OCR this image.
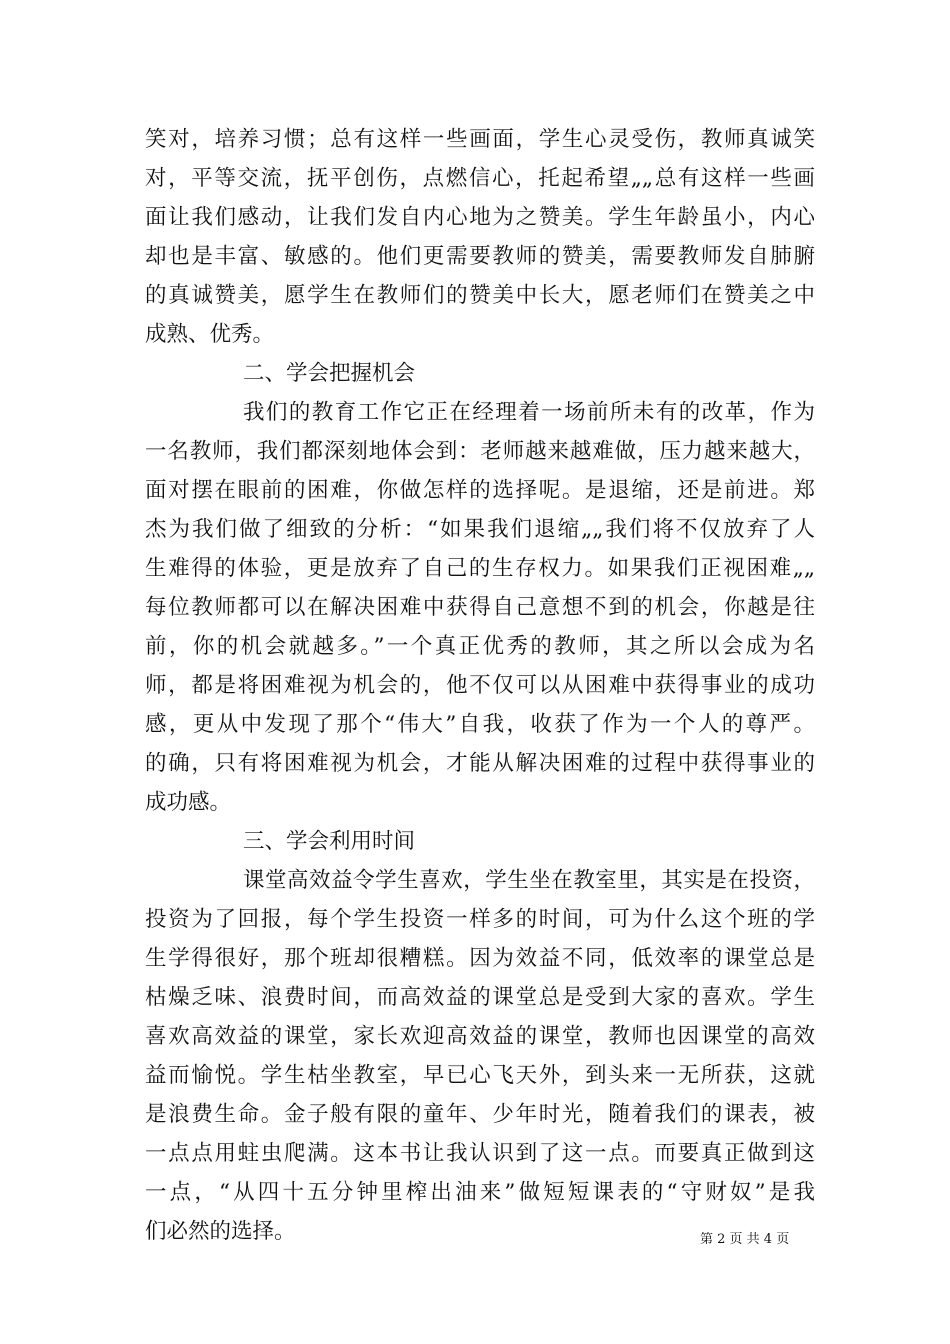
笑对，培养习惯；总有这样一些画面，学生心灵受伤，教师真诚笑
对，平等交流，抚平创伤，点燃信心，托起希望„„总有这样一些画
面让我们感动，让我们发自内心地为之赞美。学生年龄虽小，内心
却也是丰富、敏感的。他们更需要教师的赞美，需要教师发自肺腑
的真诚赞美，愿学生在教师们的赞美中长大，愿老师们在赞美之中
成熟、优秀。
二、学会把握机会
我们的教育工作它正在经理着一场前所未有的改革，作为
一名教师，我们都深刻地体会到：老师越来越难做，压力越来越大，
面对摆在眼前的困难，你做怎样的选择呢。是退缩，还是前进。郑
杰为我们做了细致的分析：“如果我们退缩„„我们将不仅放弃了人
生难得的体验，更是放弃了自己的生存权力。如果我们正视困难„„
每位教师都可以在解决困难中获得自己意想不到的机会，你越是往
前，你的机会就越多。”一个真正优秀的教师，其之所以会成为名
师，都是将困难视为机会的，他不仅可以从困难中获得事业的成功
感，更从中发现了那个“伟大”自我，收获了作为一个人的尊严。
的确，只有将困难视为机会，才能从解决困难的过程中获得事业的
成功感。
三、学会利用时间
课堂高效益令学生喜欢，学生坐在教室里，其实是在投资，
投资为了回报，每个学生投资一样多的时间，可为什么这个班的学
生学得很好，那个班却很糟糕。因为效益不同，低效率的课堂总是
枯燥乏味、浪费时间，而高效益的课堂总是受到大家的喜欢。学生
喜欢高效益的课堂，家长欢迎高效益的课堂，教师也因课堂的高效
益而愉悦。学生枯坐教室，早已心飞天外，到头来一无所获，这就
是浪费生命。金子般有限的童年、少年时光，随着我们的课表，被
一点点用蛀虫爬满。这本书让我认识到了这一点。而要真正做到这
一点，“从四十五分钟里榨出油来”做短短课表的“守财奴”是我
们必然的选择。	第 2 页 共 4 页
